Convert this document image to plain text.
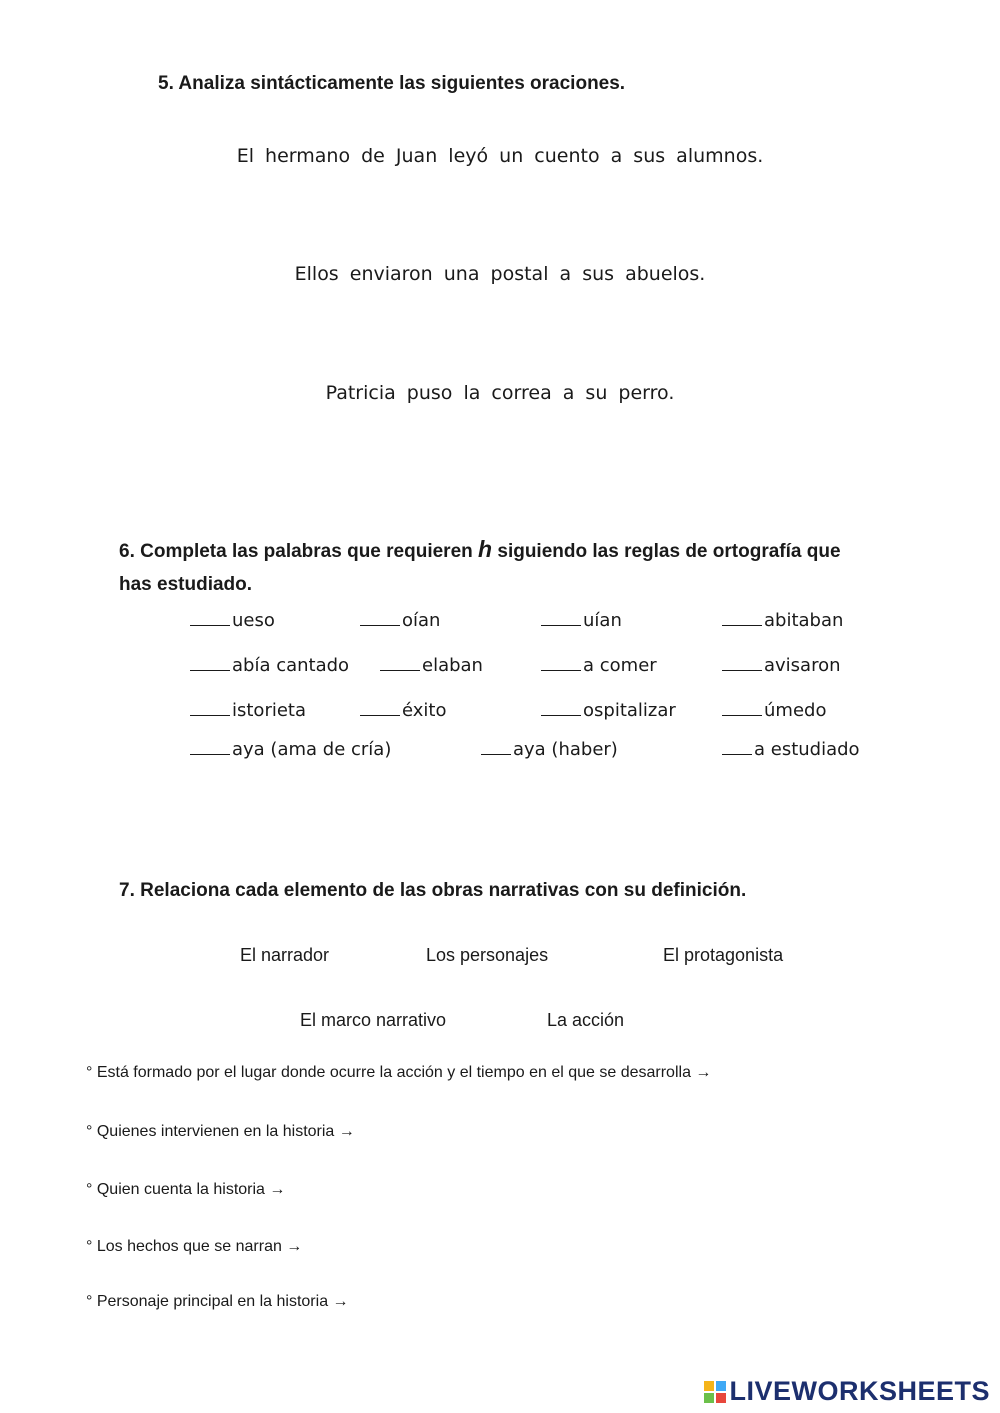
5. Analiza sintácticamente las siguientes oraciones.
El hermano de Juan leyó un cuento a sus alumnos.
Ellos enviaron una postal a sus abuelos.
Patricia puso la correa a su perro.
6. Completa las palabras que requieren h siguiendo las reglas de ortografía que
has estudiado.
ueso	oían	uían	abitaban
abía cantado	elaban	a comer	avisaron
istorieta	éxito	ospitalizar	úmedo
aya (ama de cría)	aya (haber)	a estudiado
7. Relaciona cada elemento de las obras narrativas con su definición.
El narrador	Los personajes	El protagonista
El marco narrativo	La acción
° Está formado por el lugar donde ocurre la acción y el tiempo en el que se desarrolla →
° Quienes intervienen en la historia →
° Quien cuenta la historia →
° Los hechos que se narran →
° Personaje principal en la historia →
LIVEWORKSHEETS
